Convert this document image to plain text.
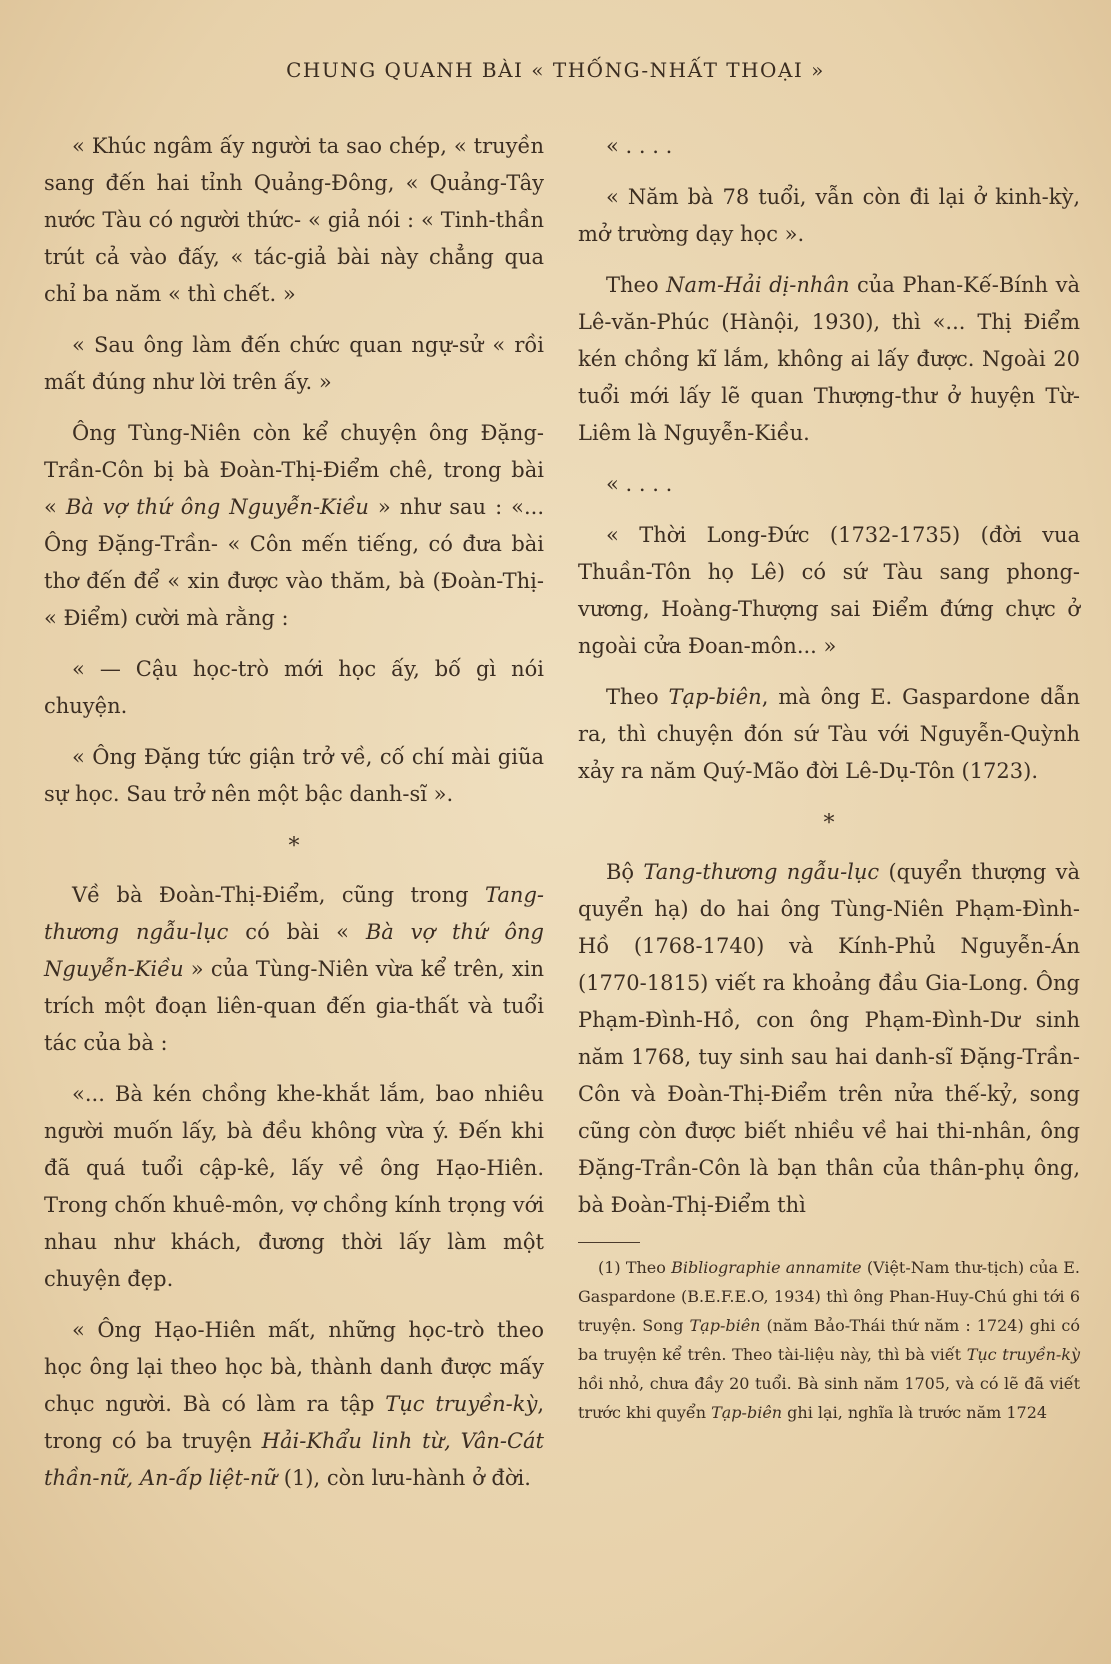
CHUNG QUANH BÀI « THỐNG-NHẤT THOẠI »

« Khúc ngâm ấy người ta sao chép, « truyền sang đến hai tỉnh Quảng-Đông, « Quảng-Tây nước Tàu có người thức- « giả nói : « Tinh-thần trút cả vào đấy, « tác-giả bài này chẳng qua chỉ ba năm « thì chết. »

« Sau ông làm đến chức quan ngự-sử « rồi mất đúng như lời trên ấy. »

Ông Tùng-Niên còn kể chuyện ông Đặng-Trần-Côn bị bà Đoàn-Thị-Điểm chê, trong bài « Bà vợ thứ ông Nguyễn-Kiều » như sau : «... Ông Đặng-Trần- « Côn mến tiếng, có đưa bài thơ đến để « xin được vào thăm, bà (Đoàn-Thị- « Điểm) cười mà rằng :

« — Cậu học-trò mới học ấy, bố gì nói chuyện.

« Ông Đặng tức giận trở về, cố chí mài giũa sự học. Sau trở nên một bậc danh-sĩ ».

*

Về bà Đoàn-Thị-Điểm, cũng trong Tang-thương ngẫu-lục có bài « Bà vợ thứ ông Nguyễn-Kiều » của Tùng-Niên vừa kể trên, xin trích một đoạn liên-quan đến gia-thất và tuổi tác của bà :

«... Bà kén chồng khe-khắt lắm, bao nhiêu người muốn lấy, bà đều không vừa ý. Đến khi đã quá tuổi cập-kê, lấy về ông Hạo-Hiên. Trong chốn khuê-môn, vợ chồng kính trọng với nhau như khách, đương thời lấy làm một chuyện đẹp.

« Ông Hạo-Hiên mất, những học-trò theo học ông lại theo học bà, thành danh được mấy chục người. Bà có làm ra tập Tục truyền-kỳ, trong có ba truyện Hải-Khẩu linh từ, Vân-Cát thần-nữ, An-ấp liệt-nữ (1), còn lưu-hành ở đời.

« . . . .

« Năm bà 78 tuổi, vẫn còn đi lại ở kinh-kỳ, mở trường dạy học ».

Theo Nam-Hải dị-nhân của Phan-Kế-Bính và Lê-văn-Phúc (Hànội, 1930), thì «... Thị Điểm kén chồng kĩ lắm, không ai lấy được. Ngoài 20 tuổi mới lấy lẽ quan Thượng-thư ở huyện Từ-Liêm là Nguyễn-Kiều.

« . . . .

« Thời Long-Đức (1732-1735) (đời vua Thuần-Tôn họ Lê) có sứ Tàu sang phong-vương, Hoàng-Thượng sai Điểm đứng chực ở ngoài cửa Đoan-môn... »

Theo Tạp-biên, mà ông E. Gaspardone dẫn ra, thì chuyện đón sứ Tàu với Nguyễn-Quỳnh xảy ra năm Quý-Mão đời Lê-Dụ-Tôn (1723).

*

Bộ Tang-thương ngẫu-lục (quyển thượng và quyển hạ) do hai ông Tùng-Niên Phạm-Đình-Hồ (1768-1740) và Kính-Phủ Nguyễn-Án (1770-1815) viết ra khoảng đầu Gia-Long. Ông Phạm-Đình-Hồ, con ông Phạm-Đình-Dư sinh năm 1768, tuy sinh sau hai danh-sĩ Đặng-Trần-Côn và Đoàn-Thị-Điểm trên nửa thế-kỷ, song cũng còn được biết nhiều về hai thi-nhân, ông Đặng-Trần-Côn là bạn thân của thân-phụ ông, bà Đoàn-Thị-Điểm thì

(1) Theo Bibliographie annamite (Việt-Nam thư-tịch) của E. Gaspardone (B.E.F.E.O, 1934) thì ông Phan-Huy-Chú ghi tới 6 truyện. Song Tạp-biên (năm Bảo-Thái thứ năm : 1724) ghi có ba truyện kể trên. Theo tài-liệu này, thì bà viết Tục truyền-kỳ hồi nhỏ, chưa đầy 20 tuổi. Bà sinh năm 1705, và có lẽ đã viết trước khi quyển Tạp-biên ghi lại, nghĩa là trước năm 1724
